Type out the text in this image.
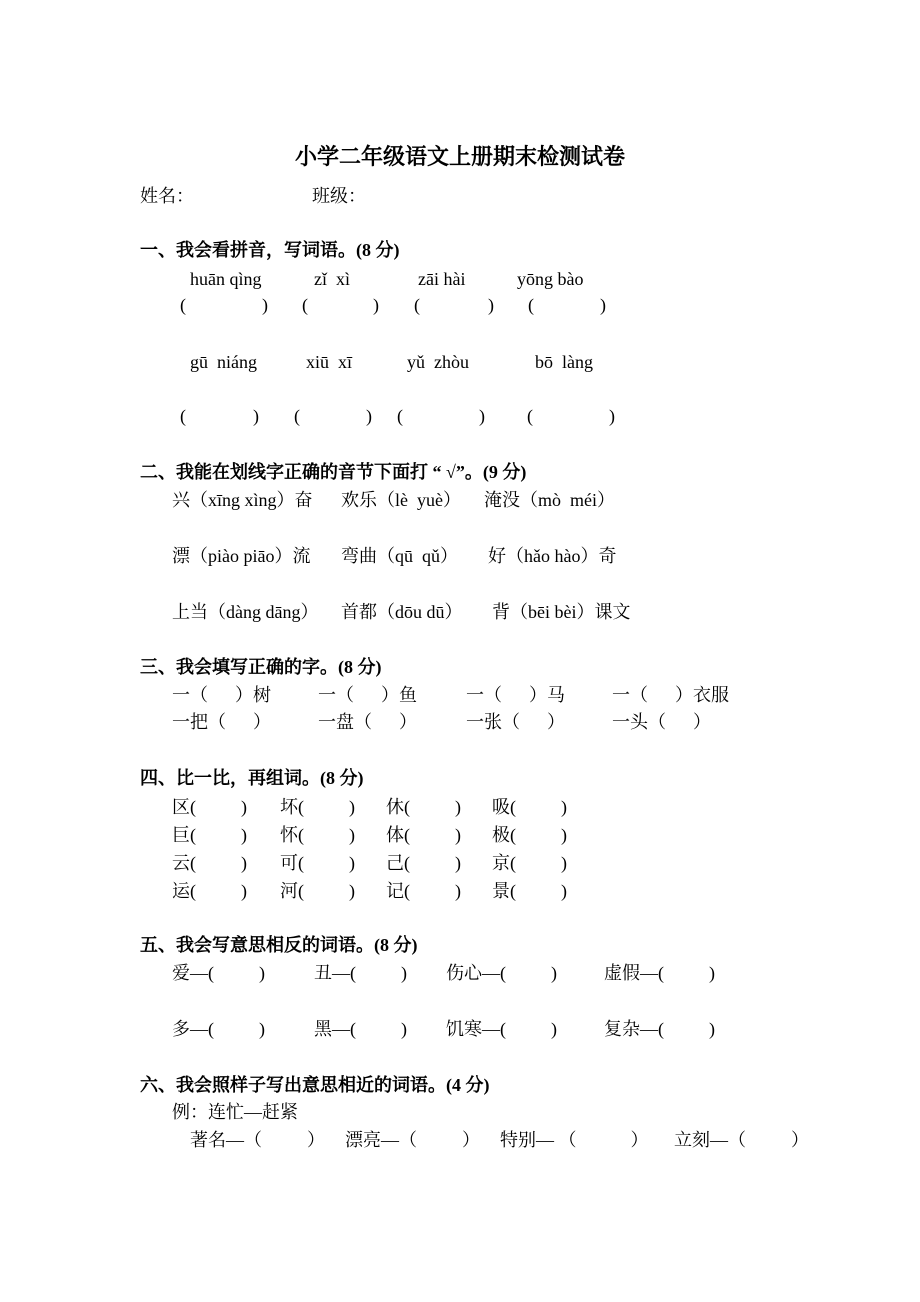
小学二年级语文上册期末检测试卷
姓名：	班级：
一、我会看拼音，写词语。(8 分)
huān qìng	zǐ  xì	zāi hài	yōng bào
(	) (	) (	) (	)
gū  niáng	xiū  xī	yǔ  zhòu	bō  làng
(	) (	) (	) (	)
二、我能在划线字正确的音节下面打 “ √”。(9 分)
兴（xīng xìng）奋 欢乐（lè  yuè） 淹没（mò  méi）
漂（piào piāo）流 弯曲（qū  qǔ） 好（hǎo hào）奇
上当（dàng dāng） 首都（dōu dū） 背（bēi bèi）课文
三、我会填写正确的字。(8 分)
一（      ）树	一（      ）鱼	一（      ）马	一（      ）衣服
一把（      ）	一盘（      ）	一张（      ）	一头（      ）
四、比一比，再组词。(8 分)
区(          ) 坏(          ) 休(          ) 吸(          )
巨(          ) 怀(          ) 体(          ) 极(          )
云(          ) 可(          ) 己(          ) 京(          )
运(          ) 河(          ) 记(          ) 景(          )
五、我会写意思相反的词语。(8 分)
爱—(          )	丑—(          ) 伤心—(          )	虚假—(          )
多—(          )	黑—(          ) 饥寒—(          )	复杂—(          )
六、我会照样子写出意思相近的词语。(4 分)
例：连忙—赶紧
著名—（          ） 漂亮—（          ） 特别— （            ） 立刻—（          ）
